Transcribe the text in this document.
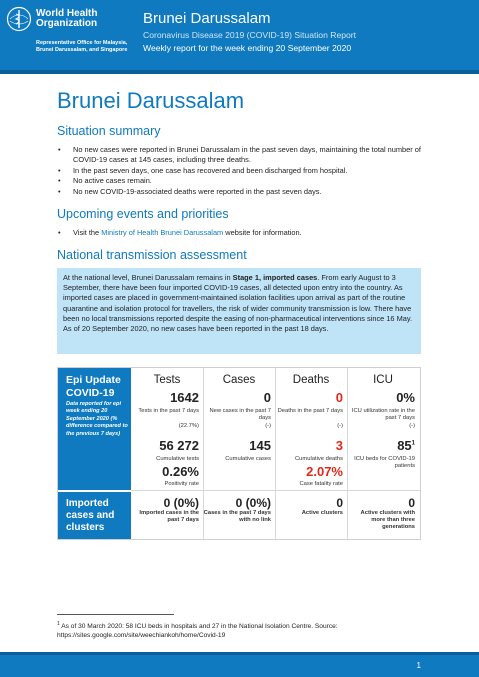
World Health Organization
Representative Office for Malaysia, Brunei Darussalam, and Singapore
Brunei Darussalam
Coronavirus Disease 2019 (COVID-19) Situation Report
Weekly report for the week ending 20 September 2020
Brunei Darussalam
Situation summary
• No new cases were reported in Brunei Darussalam in the past seven days, maintaining the total number of COVID-19 cases at 145 cases, including three deaths.
• In the past seven days, one case has recovered and been discharged from hospital.
• No active cases remain.
• No new COVID-19-associated deaths were reported in the past seven days.
Upcoming events and priorities
• Visit the Ministry of Health Brunei Darussalam website for information.
National transmission assessment
At the national level, Brunei Darussalam remains in Stage 1, imported cases. From early August to 3 September, there have been four imported COVID-19 cases, all detected upon entry into the country. As imported cases are placed in government-maintained isolation facilities upon arrival as part of the routine quarantine and isolation protocol for travellers, the risk of wider community transmission is low. There have been no local transmissions reported despite the easing of non-pharmaceutical interventions since 16 May. As of 20 September 2020, no new cases have been reported in the past 18 days.
Epi Update COVID-19
Data reported for epi week ending 20 September 2020 (% difference compared to the previous 7 days)
Imported cases and clusters
Tests
1642
Tests in the past 7 days
(22.7%)
56 272
Cumulative tests
0.26%
Positivity rate
Cases
0
New cases in the past 7 days
(-)
145
Cumulative cases
Deaths
0
Deaths in the past 7 days
(-)
3
Cumulative deaths
2.07%
Case fatality rate
ICU
0%
ICU utilization rate in the past 7 days
(-)
$85^1$
ICU beds for COVID-19 patients
0 (0%)
Imported cases in the past 7 days
0 (0%)
Cases in the past 7 days with no link
0
Active clusters
0
Active clusters with more than three generations
$^1$ As of 30 March 2020: 58 ICU beds in hospitals and 27 in the National Isolation Centre. Source: https://sites.google.com/site/weechiankoh/home/Covid-19
1
